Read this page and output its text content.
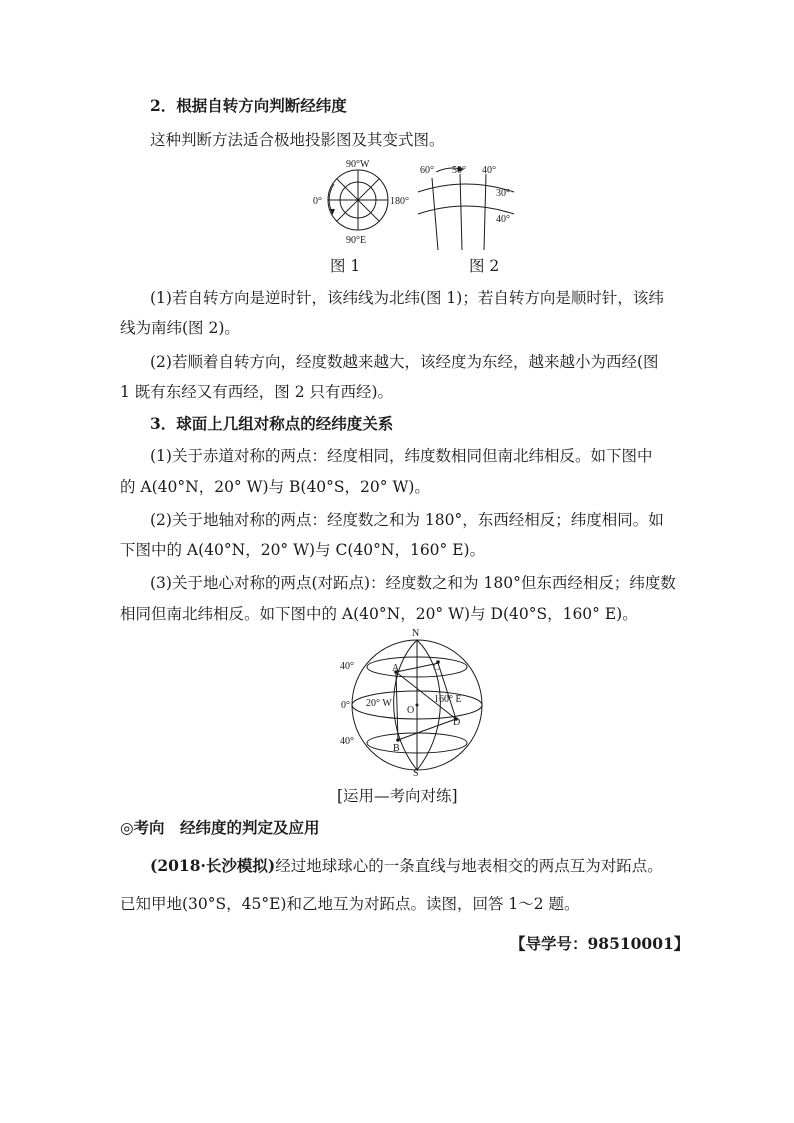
2．根据自转方向判断经纬度
这种判断方法适合极地投影图及其变式图。
90°W
0°	180°
90°E
图 1
60° 50° 40°
30°
40°
图 2
(1)若自转方向是逆时针，该纬线为北纬(图 1)；若自转方向是顺时针，该纬
线为南纬(图 2)。
(2)若顺着自转方向，经度数越来越大，该经度为东经，越来越小为西经(图
1 既有东经又有西经，图 2 只有西经)。
3．球面上几组对称点的经纬度关系
(1)关于赤道对称的两点：经度相同，纬度数相同但南北纬相反。如下图中
的 A(40°N，20° W)与 B(40°S，20° W)。
(2)关于地轴对称的两点：经度数之和为 180°，东西经相反；纬度相同。如
下图中的 A(40°N，20° W)与 C(40°N，160° E)。
(3)关于地心对称的两点(对跖点)：经度数之和为 180°但东西经相反；纬度数
相同但南北纬相反。如下图中的 A(40°N，20° W)与 D(40°S，160° E)。
N
S
40°
0°
40°
20° W	160° E
A
B
C
D
O
[运用—考向对练]
◎考向　经纬度的判定及应用
(2018·长沙模拟)经过地球球心的一条直线与地表相交的两点互为对跖点。
已知甲地(30°S，45°E)和乙地互为对跖点。读图，回答 1～2 题。
【导学号：98510001】
